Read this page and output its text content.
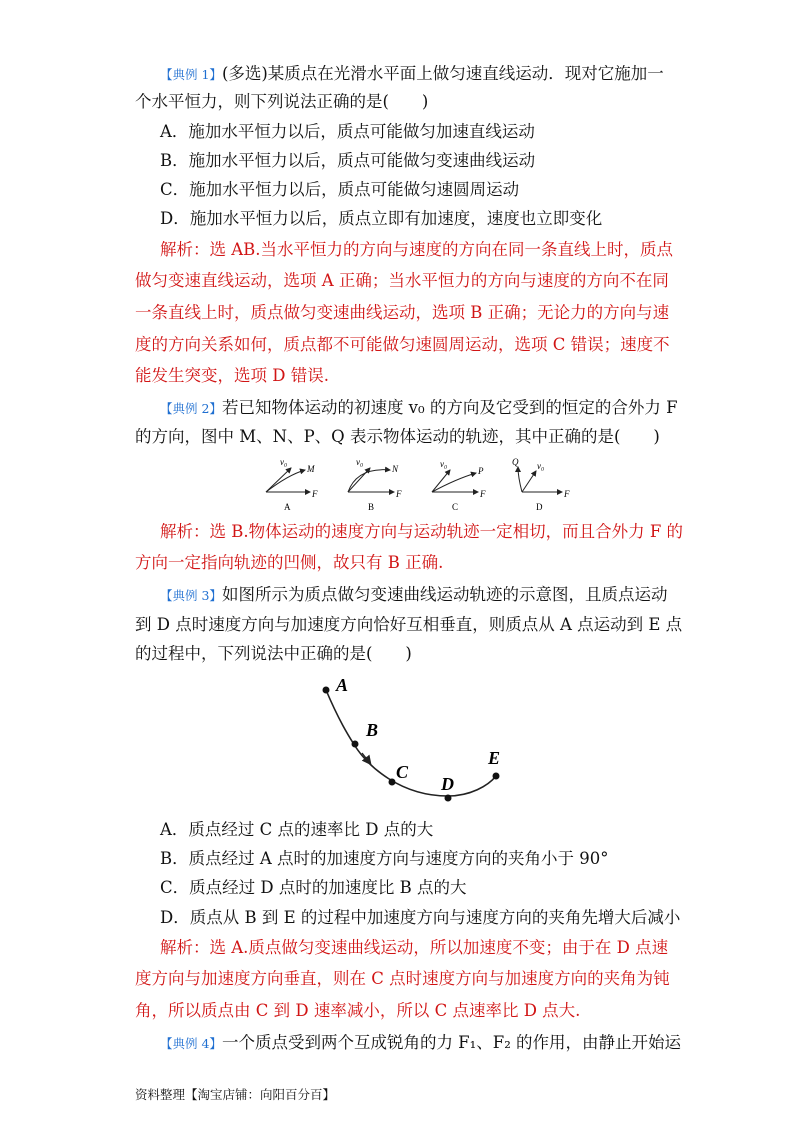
【典例 1】(多选)某质点在光滑水平面上做匀速直线运动．现对它施加一
个水平恒力，则下列说法正确的是(　　)
A．施加水平恒力以后，质点可能做匀加速直线运动
B．施加水平恒力以后，质点可能做匀变速曲线运动
C．施加水平恒力以后，质点可能做匀速圆周运动
D．施加水平恒力以后，质点立即有加速度，速度也立即变化
解析：选 AB.当水平恒力的方向与速度的方向在同一条直线上时，质点
做匀变速直线运动，选项 A 正确；当水平恒力的方向与速度的方向不在同
一条直线上时，质点做匀变速曲线运动，选项 B 正确；无论力的方向与速
度的方向关系如何，质点都不可能做匀速圆周运动，选项 C 错误；速度不
能发生突变，选项 D 错误.
【典例 2】若已知物体运动的初速度 v₀ 的方向及它受到的恒定的合外力 F
的方向，图中 M、N、P、Q 表示物体运动的轨迹，其中正确的是(　　)
v₀
M
F
A
v₀
N
F
B
v₀
P
F
C
v₀
Q
F
D
解析：选 B.物体运动的速度方向与运动轨迹一定相切，而且合外力 F 的
方向一定指向轨迹的凹侧，故只有 B 正确.
【典例 3】如图所示为质点做匀变速曲线运动轨迹的示意图，且质点运动
到 D 点时速度方向与加速度方向恰好互相垂直，则质点从 A 点运动到 E 点
的过程中，下列说法中正确的是(　　)
A
B
C
D
E
A．质点经过 C 点的速率比 D 点的大
B．质点经过 A 点时的加速度方向与速度方向的夹角小于 90°
C．质点经过 D 点时的加速度比 B 点的大
D．质点从 B 到 E 的过程中加速度方向与速度方向的夹角先增大后减小
解析：选 A.质点做匀变速曲线运动，所以加速度不变；由于在 D 点速
度方向与加速度方向垂直，则在 C 点时速度方向与加速度方向的夹角为钝
角，所以质点由 C 到 D 速率减小，所以 C 点速率比 D 点大.
【典例 4】一个质点受到两个互成锐角的力 F₁、F₂ 的作用，由静止开始运
资料整理【淘宝店铺：向阳百分百】
